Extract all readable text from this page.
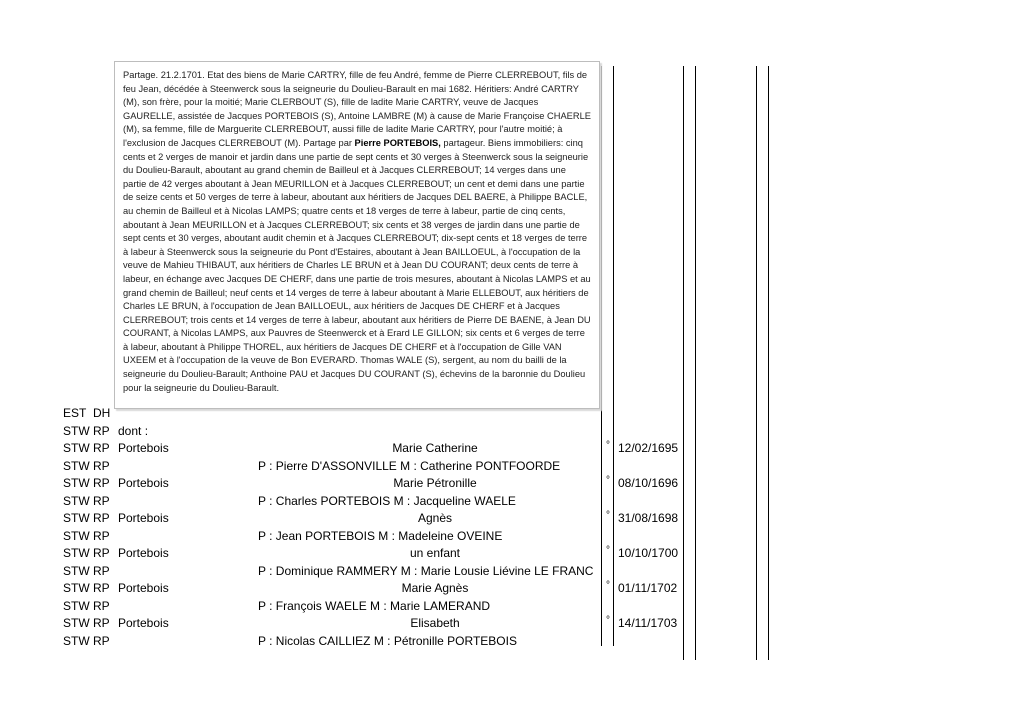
Partage. 21.2.1701. Etat des biens de Marie CARTRY, fille de feu André, femme de Pierre CLERREBOUT, fils de feu Jean, décédée à Steenwerck sous la seigneurie du Doulieu-Barault en mai 1682. Héritiers: André CARTRY (M), son frère, pour la moitié; Marie CLERBOUT (S), fille de ladite Marie CARTRY, veuve de Jacques GAURELLE, assistée de Jacques PORTEBOIS (S), Antoine LAMBRE (M) à cause de Marie Françoise CHAERLE (M), sa femme, fille de Marguerite CLERREBOUT, aussi fille de ladite Marie CARTRY, pour l'autre moitié; à l'exclusion de Jacques CLERREBOUT (M). Partage par Pierre PORTEBOIS, partageur. Biens immobiliers: cinq cents et 2 verges de manoir et jardin dans une partie de sept cents et 30 verges à Steenwerck sous la seigneurie du Doulieu-Barault, aboutant au grand chemin de Bailleul et à Jacques CLERREBOUT; 14 verges dans une partie de 42 verges aboutant à Jean MEURILLON et à Jacques CLERREBOUT; un cent et demi dans une partie de seize cents et 50 verges de terre à labeur, aboutant aux héritiers de Jacques DEL BAERE, à Philippe BACLE, au chemin de Bailleul et à Nicolas LAMPS; quatre cents et 18 verges de terre à labeur, partie de cinq cents, aboutant à Jean MEURILLON et à Jacques CLERREBOUT; six cents et 38 verges de jardin dans une partie de sept cents et 30 verges, aboutant audit chemin et à Jacques CLERREBOUT; dix-sept cents et 18 verges de terre à labeur à Steenwerck sous la seigneurie du Pont d'Estaires, aboutant à Jean BAILLOEUL, à l'occupation de la veuve de Mahieu THIBAUT, aux héritiers de Charles LE BRUN et à Jean DU COURANT; deux cents de terre à labeur, en échange avec Jacques DE CHERF, dans une partie de trois mesures, aboutant à Nicolas LAMPS et au grand chemin de Bailleul; neuf cents et 14 verges de terre à labeur aboutant à Marie ELLEBOUT, aux héritiers de Charles LE BRUN, à l'occupation de Jean BAILLOEUL, aux héritiers de Jacques DE CHERF et à Jacques CLERREBOUT; trois cents et 14 verges de terre à labeur, aboutant aux héritiers de Pierre DE BAENE, à Jean DU COURANT, à Nicolas LAMPS, aux Pauvres de Steenwerck et à Erard LE GILLON; six cents et 6 verges de terre à labeur, aboutant à Philippe THOREL, aux héritiers de Jacques DE CHERF et à l'occupation de Gille VAN UXEEM et à l'occupation de la veuve de Bon EVERARD. Thomas WALE (S), sergent, au nom du bailli de la seigneurie du Doulieu-Barault; Anthoine PAU et Jacques DU COURANT (S), échevins de la baronnie du Doulieu pour la seigneurie du Doulieu-Barault.
EST DH
STW RP dont :
STW RP Portebois	Marie Catherine	° 12/02/1695
STW RP	P : Pierre D'ASSONVILLE M : Catherine PONTFOORDE
STW RP Portebois	Marie Pétronille	° 08/10/1696
STW RP	P : Charles PORTEBOIS M : Jacqueline WAELE
STW RP Portebois	Agnès	° 31/08/1698
STW RP	P : Jean PORTEBOIS M : Madeleine OVEINE
STW RP Portebois	un enfant	° 10/10/1700
STW RP	P : Dominique RAMMERY M : Marie Lousie Liévine LE FRANC
STW RP Portebois	Marie Agnès	° 01/11/1702
STW RP	P : François WAELE M : Marie LAMERAND
STW RP Portebois	Elisabeth	° 14/11/1703
STW RP	P : Nicolas CAILLIEZ M : Pétronille PORTEBOIS
